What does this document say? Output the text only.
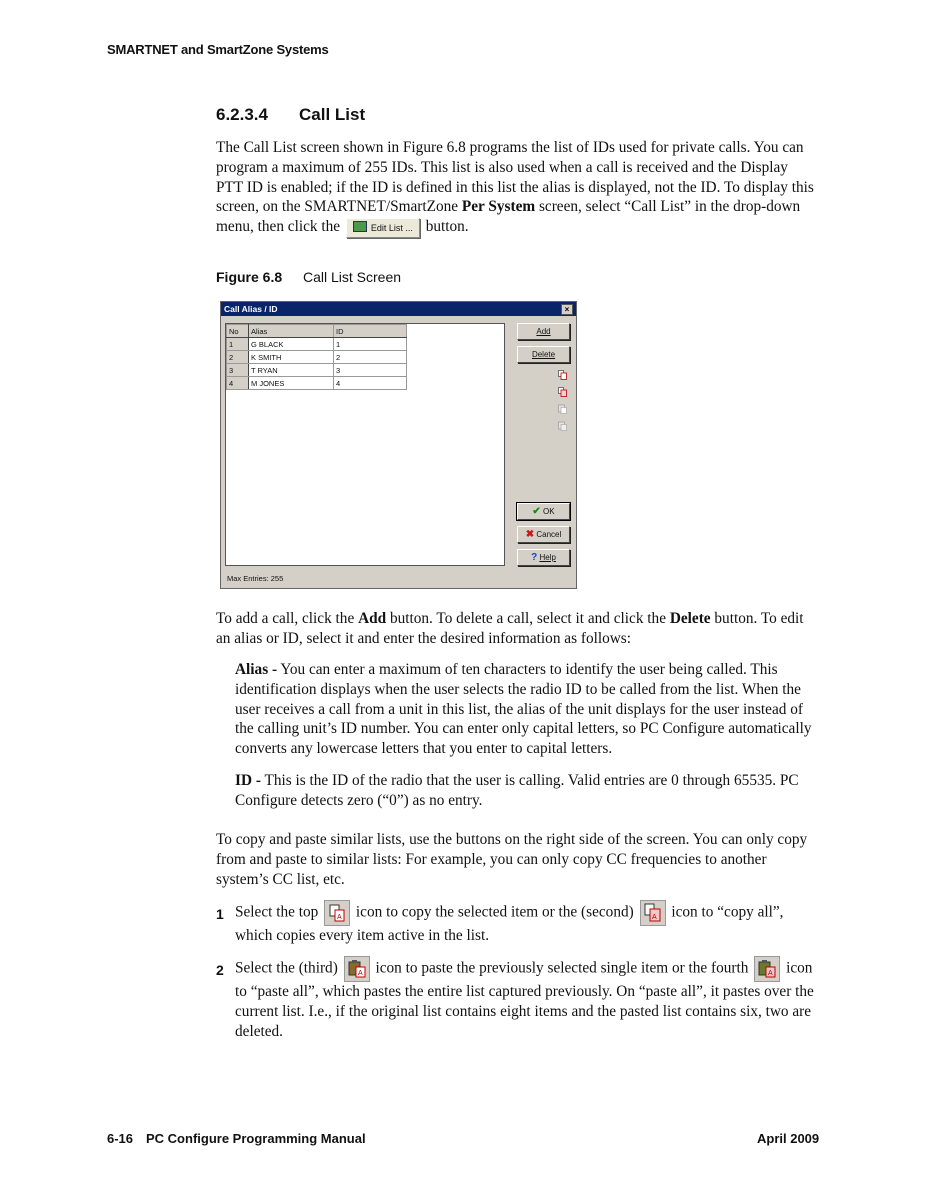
SMARTNET and SmartZone Systems
6.2.3.4 Call List
The Call List screen shown in Figure 6.8 programs the list of IDs used for private calls. You can program a maximum of 255 IDs. This list is also used when a call is received and the Display PTT ID is enabled; if the ID is defined in this list the alias is displayed, not the ID. To display this screen, on the SMARTNET/SmartZone Per System screen, select “Call List” in the drop-down menu, then click the	Edit List ... button.
Figure 6.8 Call List Screen
Call Alias / ID	×
No	Alias	ID
1	G BLACK	1
2	K SMITH	2
3	T RYAN	3
4	M JONES	4
Add
Delete
✔ OK
✖ Cancel
? Help
Max Entries: 255
To add a call, click the Add button. To delete a call, select it and click the Delete button. To edit an alias or ID, select it and enter the desired information as follows:
Alias - You can enter a maximum of ten characters to identify the user being called. This identification displays when the user selects the radio ID to be called from the list. When the user receives a call from a unit in this list, the alias of the unit displays for the user instead of the calling unit’s ID number. You can enter only capital letters, so PC Configure automatically converts any lowercase letters that you enter to capital letters.
ID - This is the ID of the radio that the user is calling. Valid entries are 0 through 65535. PC Configure detects zero (“0”) as no entry.
To copy and paste similar lists, use the buttons on the right side of the screen. You can only copy from and paste to similar lists: For example, you can only copy CC frequencies to another system’s CC list, etc.
1 Select the top A icon to copy the selected item or the (second) A icon to “copy all”, which copies every item active in the list.
2 Select the (third) A icon to paste the previously selected single item or the fourth A icon to “paste all”, which pastes the entire list captured previously. On “paste all”, it pastes over the current list. I.e., if the original list contains eight items and the pasted list contains six, two are deleted.
6-16 PC Configure Programming Manual	April 2009
